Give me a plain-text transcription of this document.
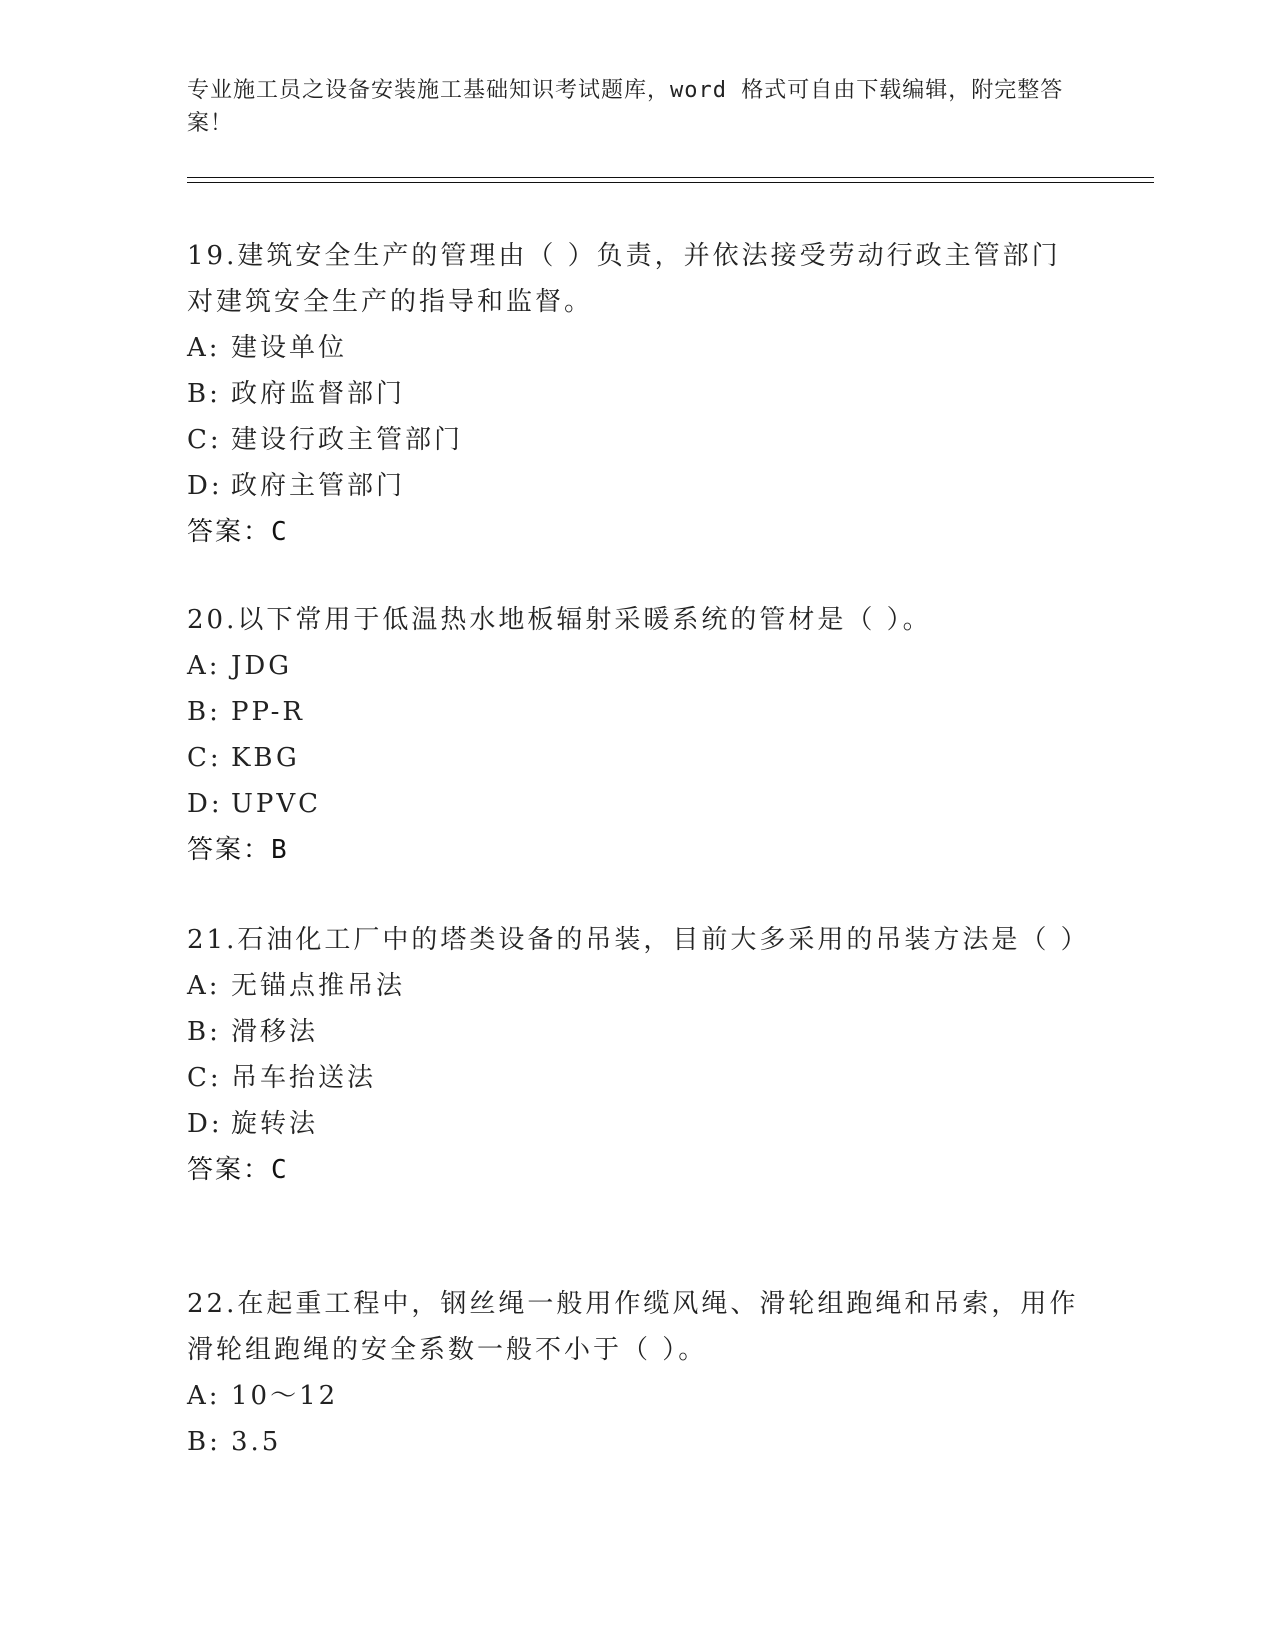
专业施工员之设备安装施工基础知识考试题库，word 格式可自由下载编辑，附完整答案！

19.建筑安全生产的管理由（ ）负责，并依法接受劳动行政主管部门对建筑安全生产的指导和监督。

A: 建设单位
B: 政府监督部门
C: 建设行政主管部门
D: 政府主管部门
答案：C

20.以下常用于低温热水地板辐射采暖系统的管材是（ ）。

A: JDG
B: PP-R
C: KBG
D: UPVC
答案：B

21.石油化工厂中的塔类设备的吊装，目前大多采用的吊装方法是（ ）

A: 无锚点推吊法
B: 滑移法
C: 吊车抬送法
D: 旋转法
答案：C

22.在起重工程中，钢丝绳一般用作缆风绳、滑轮组跑绳和吊索，用作滑轮组跑绳的安全系数一般不小于（ ）。

A: 10～12
B: 3.5
